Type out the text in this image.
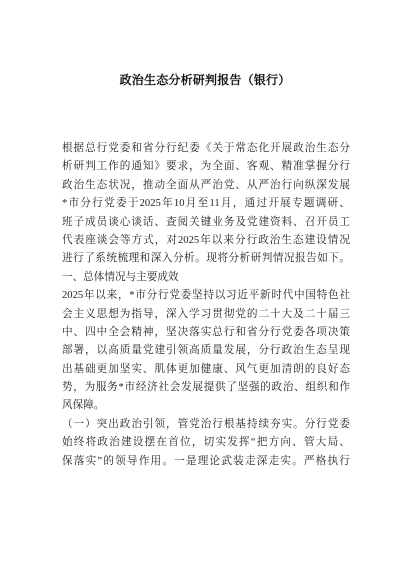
政治生态分析研判报告（银行）
根据总行党委和省分行纪委《关于常态化开展政治生态分
析研判工作的通知》要求，为全面、客观、精准掌握分行
政治生态状况，推动全面从严治党、从严治行向纵深发展
*市分行党委于2025年10月至11月，通过开展专题调研、
班子成员谈心谈话、查阅关键业务及党建资料、召开员工
代表座谈会等方式，对2025年以来分行政治生态建设情况
进行了系统梳理和深入分析。现将分析研判情况报告如下。
一、总体情况与主要成效
2025年以来，*市分行党委坚持以习近平新时代中国特色社
会主义思想为指导，深入学习贯彻党的二十大及二十届三
中、四中全会精神，坚决落实总行和省分行党委各项决策
部署，以高质量党建引领高质量发展，分行政治生态呈现
出基础更加坚实、肌体更加健康、风气更加清朗的良好态
势，为服务*市经济社会发展提供了坚强的政治、组织和作
风保障。
（一）突出政治引领，管党治行根基持续夯实。分行党委
始终将政治建设摆在首位，切实发挥“把方向、管大局、
保落实”的领导作用。一是理论武装走深走实。严格执行
